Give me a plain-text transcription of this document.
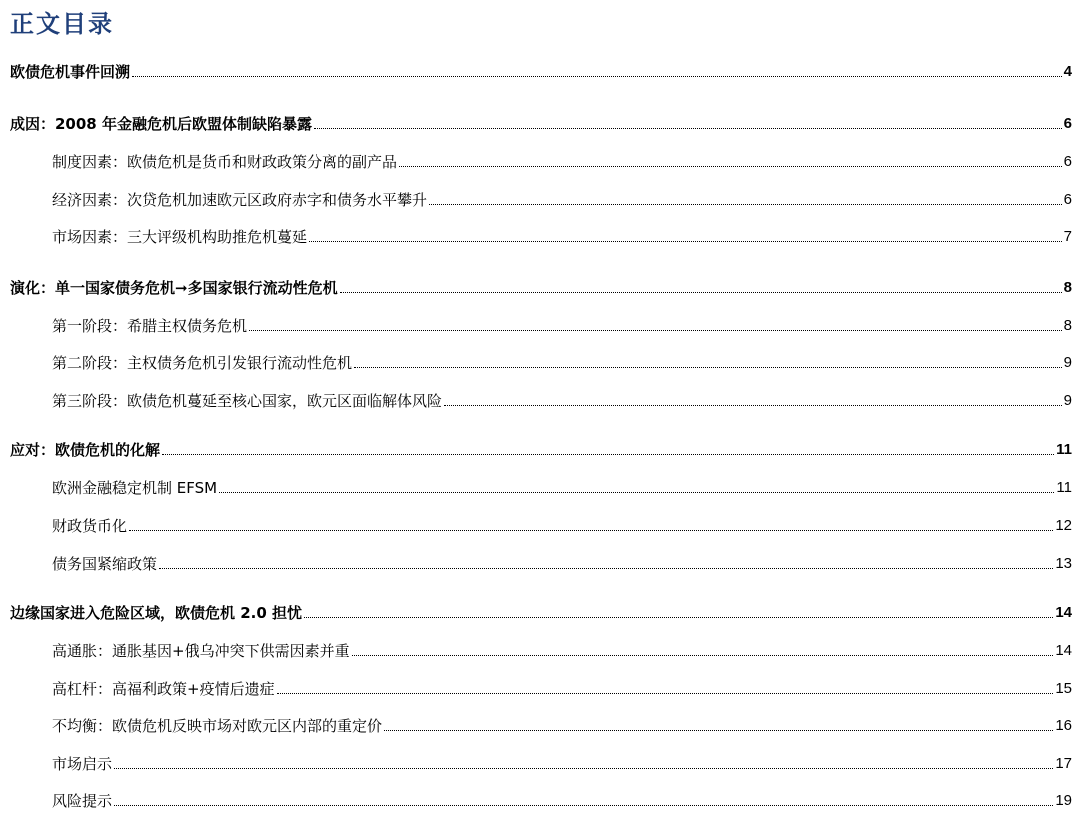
正文目录
欧债危机事件回溯	4
成因：2008 年金融危机后欧盟体制缺陷暴露	6
制度因素：欧债危机是货币和财政政策分离的副产品	6
经济因素：次贷危机加速欧元区政府赤字和债务水平攀升	6
市场因素：三大评级机构助推危机蔓延	7
演化：单一国家债务危机➞多国家银行流动性危机	8
第一阶段：希腊主权债务危机	8
第二阶段：主权债务危机引发银行流动性危机	9
第三阶段：欧债危机蔓延至核心国家，欧元区面临解体风险	9
应对：欧债危机的化解	11
欧洲金融稳定机制 EFSM	11
财政货币化	12
债务国紧缩政策	13
边缘国家进入危险区域，欧债危机 2.0 担忧	14
高通胀：通胀基因+俄乌冲突下供需因素并重	14
高杠杆：高福利政策+疫情后遗症	15
不均衡：欧债危机反映市场对欧元区内部的重定价	16
市场启示	17
风险提示	19
